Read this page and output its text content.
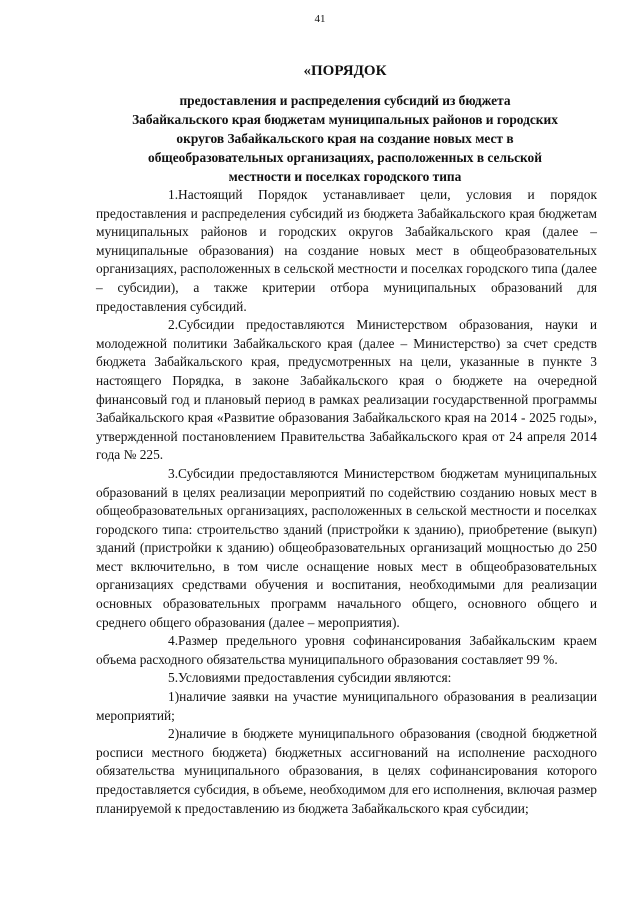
41
«ПОРЯДОК
предоставления и распределения субсидий из бюджета
Забайкальского края бюджетам муниципальных районов и городских
округов Забайкальского края на создание новых мест в
общеобразовательных организациях, расположенных в сельской
местности и поселках городского типа

1.Настоящий Порядок устанавливает цели, условия и порядок предоставления и распределения субсидий из бюджета Забайкальского края бюджетам муниципальных районов и городских округов Забайкальского края (далее – муниципальные образования) на создание новых мест в общеобразовательных организациях, расположенных в сельской местности и поселках городского типа (далее – субсидии), а также критерии отбора муниципальных образований для предоставления субсидий.

2.Субсидии предоставляются Министерством образования, науки и молодежной политики Забайкальского края (далее – Министерство) за счет средств бюджета Забайкальского края, предусмотренных на цели, указанные в пункте 3 настоящего Порядка, в законе Забайкальского края о бюджете на очередной финансовый год и плановый период в рамках реализации государственной программы Забайкальского края «Развитие образования Забайкальского края на 2014 - 2025 годы», утвержденной постановлением Правительства Забайкальского края от 24 апреля 2014 года № 225.

3.Субсидии предоставляются Министерством бюджетам муниципальных образований в целях реализации мероприятий по содействию созданию новых мест в общеобразовательных организациях, расположенных в сельской местности и поселках городского типа: строительство зданий (пристройки к зданию), приобретение (выкуп) зданий (пристройки к зданию) общеобразовательных организаций мощностью до 250 мест включительно, в том числе оснащение новых мест в общеобразовательных организациях средствами обучения и воспитания, необходимыми для реализации основных образовательных программ начального общего, основного общего и среднего общего образования (далее – мероприятия).

4.Размер предельного уровня софинансирования Забайкальским краем объема расходного обязательства муниципального образования составляет 99 %.

5.Условиями предоставления субсидии являются:

1)наличие заявки на участие муниципального образования в реализации мероприятий;

2)наличие в бюджете муниципального образования (сводной бюджетной росписи местного бюджета) бюджетных ассигнований на исполнение расходного обязательства муниципального образования, в целях софинансирования которого предоставляется субсидия, в объеме, необходимом для его исполнения, включая размер планируемой к предоставлению из бюджета Забайкальского края субсидии;
